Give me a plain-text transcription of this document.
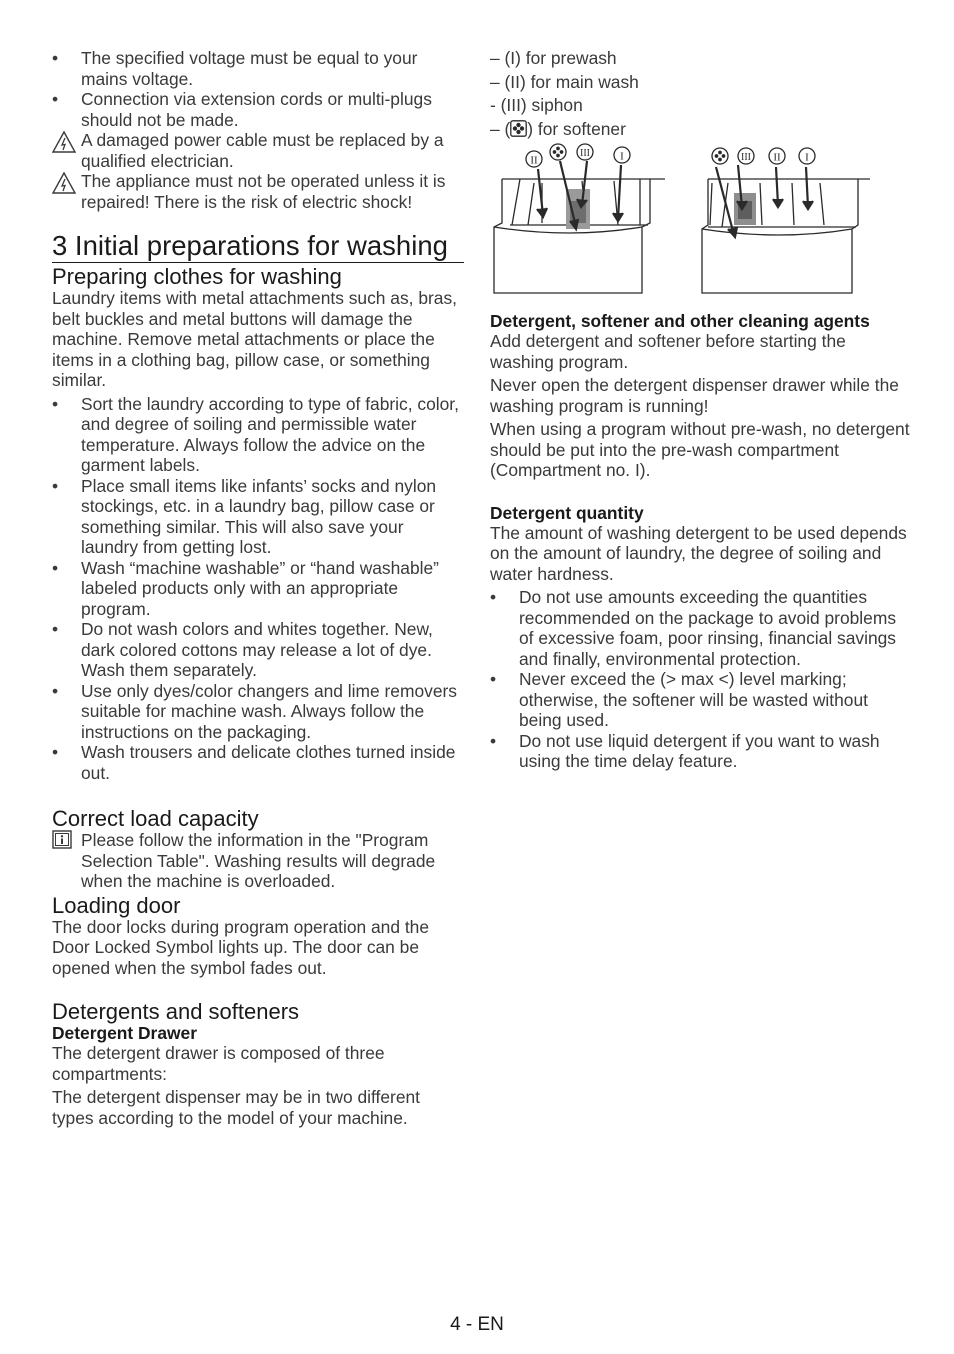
• The specified voltage must be equal to your mains voltage.
• Connection via extension cords or multi-plugs should not be made.
A damaged power cable must be replaced by a qualified electrician.
The appliance must not be operated unless it is repaired! There is the risk of electric shock!
3 Initial preparations for washing
Preparing clothes for washing

Laundry items with metal attachments such as, bras, belt buckles and metal buttons will damage the machine. Remove metal attachments or place the items in a clothing bag, pillow case, or something similar.

• Sort the laundry according to type of fabric, color, and degree of soiling and permissible water temperature. Always follow the advice on the garment labels.
• Place small items like infants’ socks and nylon stockings, etc. in a laundry bag, pillow case or something similar. This will also save your laundry from getting lost.
• Wash “machine washable” or “hand washable” labeled products only with an appropriate program.
• Do not wash colors and whites together. New, dark colored cottons may release a lot of dye. Wash them separately.
• Use only dyes/color changers and lime removers suitable for machine wash. Always follow the instructions on the packaging.
• Wash trousers and delicate clothes turned inside out.
Correct load capacity
Please follow the information in the "Program Selection Table". Washing results will degrade when the machine is overloaded.
Loading door

The door locks during program operation and the Door Locked Symbol lights up. The door can be opened when the symbol fades out.

Detergents and softeners
Detergent Drawer

The detergent drawer is composed of three compartments:

The detergent dispenser may be in two different types according to the model of your machine.

– (I) for prewash
– (II) for main wash
- (III) siphon
– ( ) for softener
II
III	I	III II I
Detergent, softener and other cleaning agents

Add detergent and softener before starting the washing program.

Never open the detergent dispenser drawer while the washing program is running!

When using a program without pre-wash, no detergent should be put into the pre-wash compartment (Compartment no. I).

Detergent quantity

The amount of washing detergent to be used depends on the amount of laundry, the degree of soiling and water hardness.

• Do not use amounts exceeding the quantities recommended on the package to avoid problems of excessive foam, poor rinsing, financial savings and finally, environmental protection.
• Never exceed the (> max <) level marking; otherwise, the softener will be wasted without being used.
• Do not use liquid detergent if you want to wash using the time delay feature.
4 - EN
